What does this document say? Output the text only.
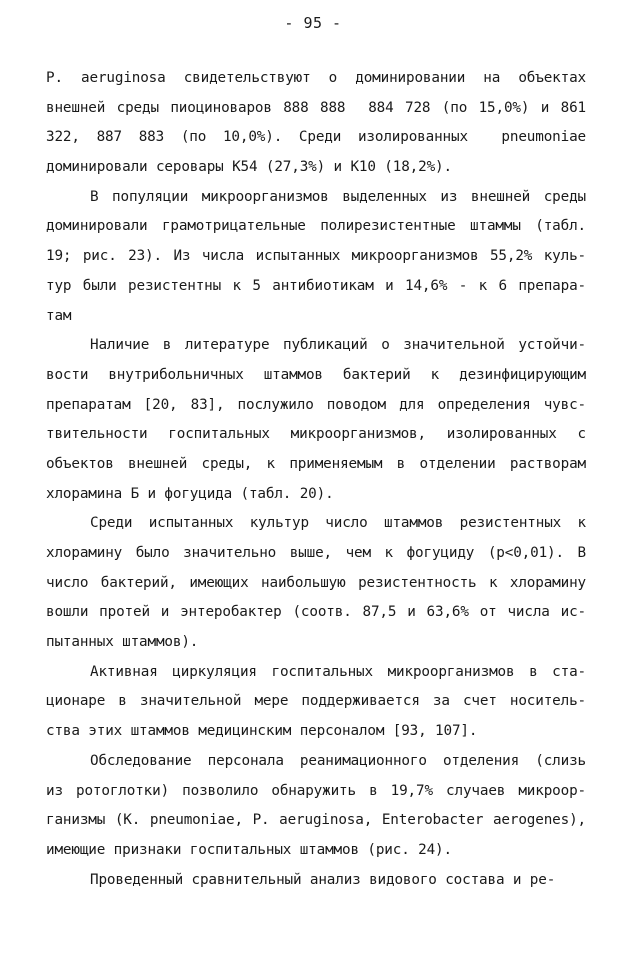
- 95 -
P. aeruginosa свидетельствуют о доминировании на объектах
внешней среды пиоциноваров 888 888  884 728 (по 15,0%) и 861
322, 887 883 (по 10,0%). Среди изолированных  pneumoniae
доминировали серовары К54 (27,3%) и К10 (18,2%).
В популяции микроорганизмов выделенных из внешней среды
доминировали грамотрицательные полирезистентные штаммы (табл.
19; рис. 23). Из числа испытанных микроорганизмов 55,2% куль-
тур были резистентны к 5 антибиотикам и 14,6% - к 6 препара-
там
Наличие в литературе публикаций о значительной устойчи-
вости внутрибольничных штаммов бактерий к дезинфицирующим
препаратам [20, 83], послужило поводом для определения чувс-
твительности госпитальных микроорганизмов, изолированных с
объектов внешней среды, к применяемым в отделении растворам
хлорамина Б и фогуцида (табл. 20).
Среди испытанных культур число штаммов резистентных к
хлорамину было значительно выше, чем к фогуциду (р<0,01). В
число бактерий, имеющих наибольшую резистентность к хлорамину
вошли протей и энтеробактер (соотв. 87,5 и 63,6% от числа ис-
пытанных штаммов).
Активная циркуляция госпитальных микроорганизмов в ста-
ционаре в значительной мере поддерживается за счет носитель-
ства этих штаммов медицинским персоналом [93, 107].
Обследование персонала реанимационного отделения (слизь
из ротоглотки) позволило обнаружить в 19,7% случаев микроор-
ганизмы (K. pneumoniae, P. aeruginosa, Enterobacter aerogenes),
имеющие признаки госпитальных штаммов (рис. 24).
Проведенный сравнительный анализ видового состава и ре-
